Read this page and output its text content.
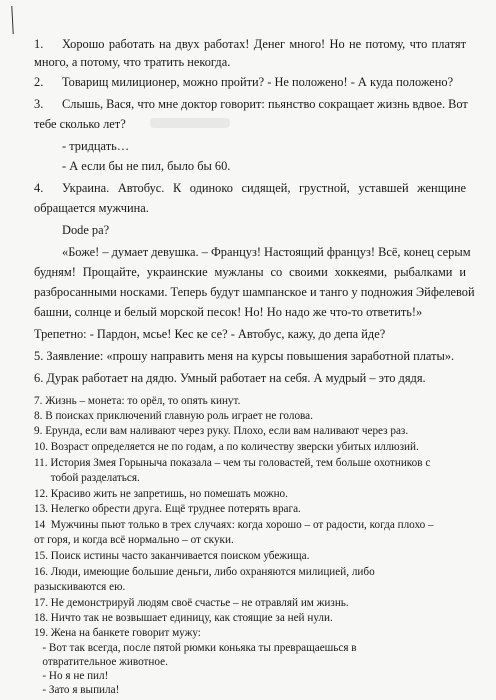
1. Хорошо работать на двух работах! Денег много! Но не потому, что платят
много, а потому, что тратить некогда.
2. Товарищ милиционер, можно пройти? - Не положено! - А куда положено?
3. Слышь, Вася, что мне доктор говорит: пьянство сокращает жизнь вдвое. Вот
тебе сколько лет?
- тридцать…
- А если бы не пил, было бы 60.
4. Украина. Автобус. К одиноко сидящей, грустной, уставшей женщине
обращается мужчина.
Dode pa?
«Боже! – думает девушка. – Француз! Настоящий француз! Всё, конец серым
будням! Прощайте, украинские мужланы со своими хоккеями, рыбалками и
разбросанными носками. Теперь будут шампанское и танго у подножия Эйфелевой
башни, солнце и белый морской песок! Но! Но надо же что-то ответить!»
Трепетно: - Пардон, мсье! Кес ке се? - Автобус, кажу, до депа йде?
5. Заявление: «прошу направить меня на курсы повышения заработной платы».
6. Дурак работает на дядю. Умный работает на себя. А мудрый – это дядя.
7. Жизнь – монета: то орёл, то опять кинут.
8. В поисках приключений главную роль играет не голова.
9. Ерунда, если вам наливают через руку. Плохо, если вам наливают через раз.
10. Возраст определяется не по годам, а по количеству зверски убитых иллюзий.
11. История Змея Горыныча показала – чем ты головастей, тем больше охотников с
тобой разделаться.
12. Красиво жить не запретишь, но помешать можно.
13. Нелегко обрести друга. Ещё труднее потерять врага.
14  Мужчины пьют только в трех случаях: когда хорошо – от радости, когда плохо –
от горя, и когда всё нормально – от скуки.
15. Поиск истины часто заканчивается поиском убежища.
16. Люди, имеющие большие деньги, либо охраняются милицией, либо
разыскиваются ею.
17. Не демонстрируй людям своё счастье – не отравляй им жизнь.
18. Ничто так не возвышает единицу, как стоящие за ней нули.
19. Жена на банкете говорит мужу:
- Вот так всегда, после пятой рюмки коньяка ты превращаешься в
отвратительное животное.
- Но я не пил!
- Зато я выпила!
